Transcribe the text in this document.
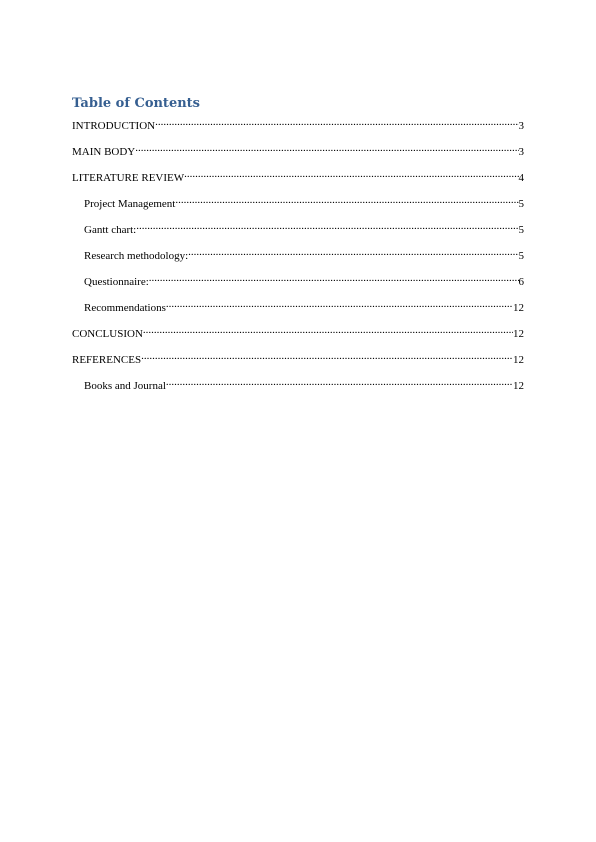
Table of Contents
INTRODUCTION .....	3
MAIN BODY .....	3
LITERATURE REVIEW .....	4
Project Management .....	5
Gantt chart: .....	5
Research methodology: .....	5
Questionnaire: .....	6
Recommendations .....	12
CONCLUSION .....	12
REFERENCES .....	12
Books and Journal .....	12
